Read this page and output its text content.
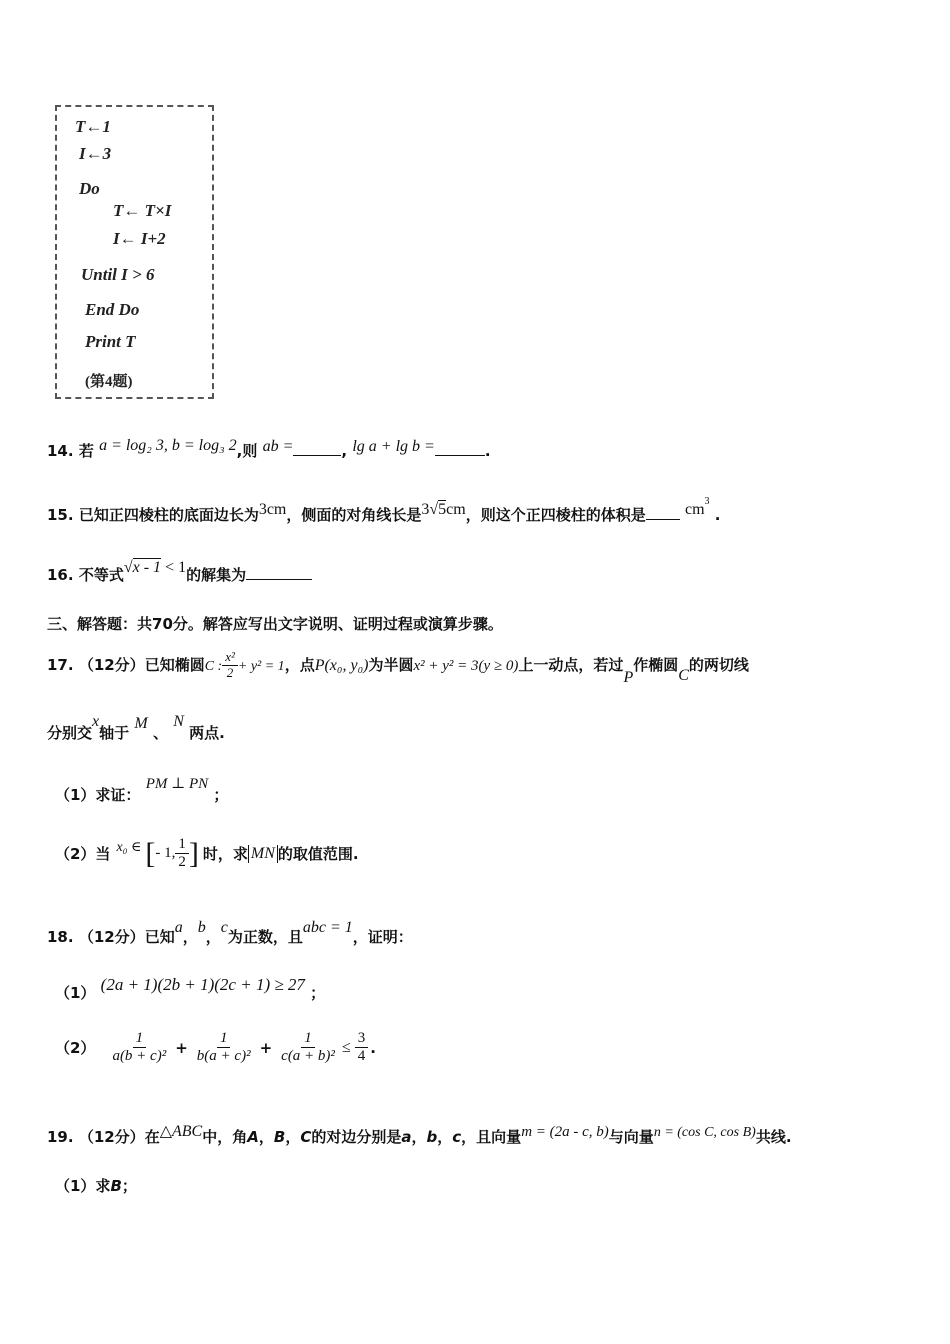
T←1
I←3
Do
T← T×I
I← I+2
Until I > 6
End Do
Print T
(第4题)
14. 若 a = log₂ 3, b = log₃ 2,则 ab =	, lg a + lg b =	.
15. 已知正四棱柱的底面边长为3cm，侧面的对角线长是3√5cm，则这个正四棱柱的体积是 $cm^3$ .
16. 不等式√x - 1 < 1的解集为
三、解答题：共70分。解答应写出文字说明、证明过程或演算步骤。
17. （12分）已知椭圆C : $\frac{\text{x²}}{2} + y^2 = 1$，点P(x₀, y₀)为半圆x² + y² = 3(y ≥ 0)上一动点，若过P作椭圆C的两切线
分别交x轴于 M 、 N 两点.
（1）求证： PM ⊥ PN ；
（2）当 x₀ ∈ [ - 1, $\frac{1}{2}$ ] 时，求 MN 的取值范围.
18. （12分）已知a，b，c为正数，且abc = 1，证明：
（1） (2a + 1)(2b + 1)(2c + 1) ≥ 27 ；
$(2) \frac{1}{\text{a(b + c)²}} + \frac{1}{\text{b(a + c)²}} + \frac{1}{\text{c(a + b)²}} \le \frac{3}{4}$ .
19. （12分）在△ABC中，角A，B，C的对边分别是a，b，c，且向量m = (2a - c, b)与向量n = (cos C, cos B)共线.
（1）求B；
